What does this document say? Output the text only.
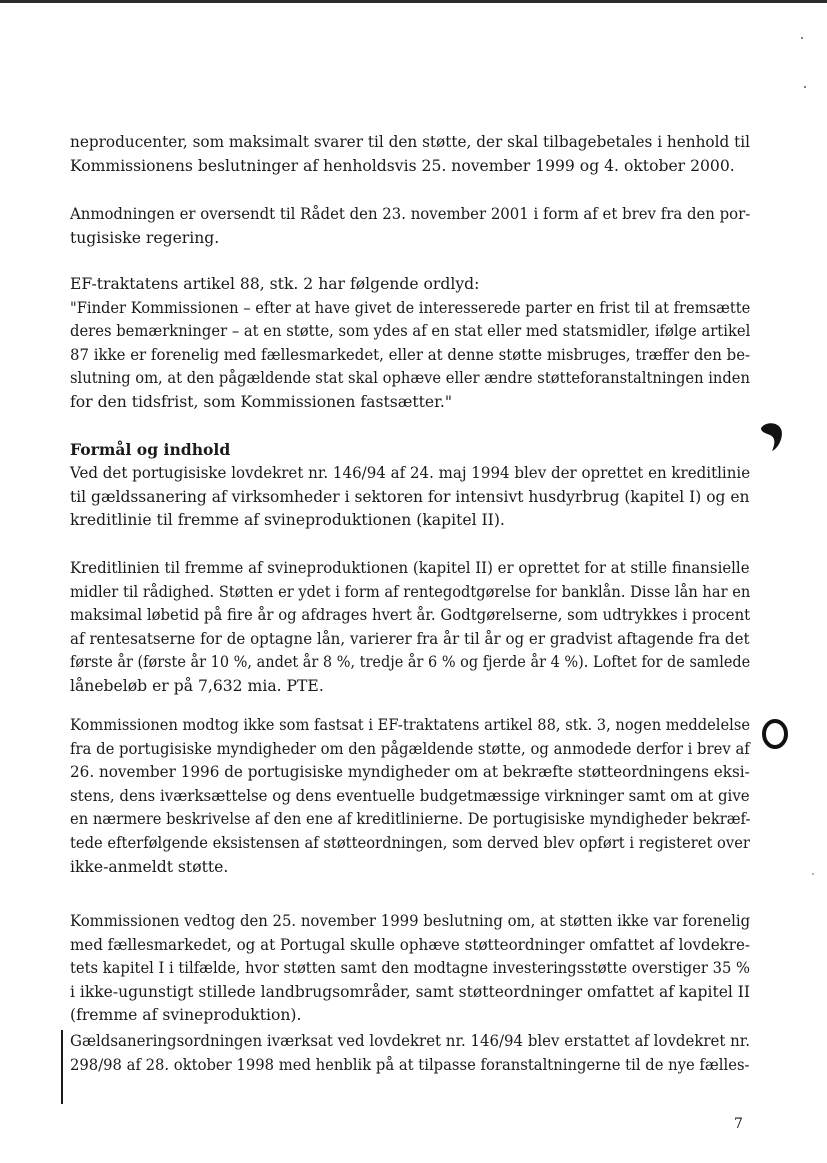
neproducenter, som maksimalt svarer til den støtte, der skal tilbagebetales i henhold til

Kommissionens beslutninger af henholdsvis 25. november 1999 og 4. oktober 2000.

Anmodningen er oversendt til Rådet den 23. november 2001 i form af et brev fra den por-

tugisiske regering.

EF-traktatens artikel 88, stk. 2 har følgende ordlyd:

"Finder Kommissionen – efter at have givet de interesserede parter en frist til at fremsætte

deres bemærkninger – at en støtte, som ydes af en stat eller med statsmidler, ifølge artikel

87 ikke er forenelig med fællesmarkedet, eller at denne støtte misbruges, træffer den be-

slutning om, at den pågældende stat skal ophæve eller ændre støtteforanstaltningen inden

for den tidsfrist, som Kommissionen fastsætter."

Formål og indhold

Ved det portugisiske lovdekret nr. 146/94 af 24. maj 1994 blev der oprettet en kreditlinie

til gældssanering af virksomheder i sektoren for intensivt husdyrbrug (kapitel I) og en

kreditlinie til fremme af svineproduktionen (kapitel II).

Kreditlinien til fremme af svineproduktionen (kapitel II) er oprettet for at stille finansielle

midler til rådighed. Støtten er ydet i form af rentegodtgørelse for banklån. Disse lån har en

maksimal løbetid på fire år og afdrages hvert år. Godtgørelserne, som udtrykkes i procent

af rentesatserne for de optagne lån, varierer fra år til år og er gradvist aftagende fra det

første år (første år 10 %, andet år 8 %, tredje år 6 % og fjerde år 4 %). Loftet for de samlede

lånebeløb er på 7,632 mia. PTE.

Kommissionen modtog ikke som fastsat i EF-traktatens artikel 88, stk. 3, nogen meddelelse

fra de portugisiske myndigheder om den pågældende støtte, og anmodede derfor i brev af

26. november 1996 de portugisiske myndigheder om at bekræfte støtteordningens eksi-

stens, dens iværksættelse og dens eventuelle budgetmæssige virkninger samt om at give

en nærmere beskrivelse af den ene af kreditlinierne. De portugisiske myndigheder bekræf-

tede efterfølgende eksistensen af støtteordningen, som derved blev opført i registeret over

ikke-anmeldt støtte.

Kommissionen vedtog den 25. november 1999 beslutning om, at støtten ikke var forenelig

med fællesmarkedet, og at Portugal skulle ophæve støtteordninger omfattet af lovdekre-

tets kapitel I i tilfælde, hvor støtten samt den modtagne investeringsstøtte overstiger 35 %

i ikke-ugunstigt stillede landbrugsområder, samt støtteordninger omfattet af kapitel II

(fremme af svineproduktion).

Gældsaneringsordningen iværksat ved lovdekret nr. 146/94 blev erstattet af lovdekret nr.

298/98 af 28. oktober 1998 med henblik på at tilpasse foranstaltningerne til de nye fælles-

7
